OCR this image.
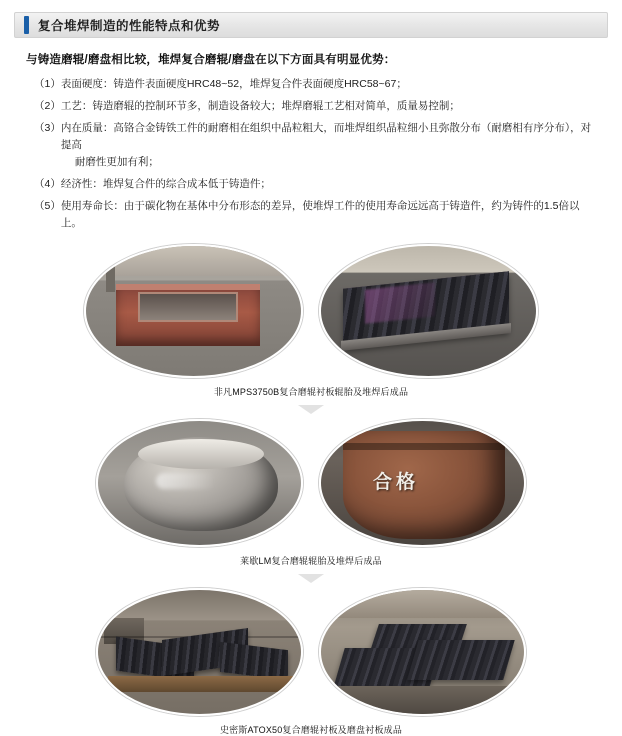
复合堆焊制造的性能特点和优势

与铸造磨辊/磨盘相比较，堆焊复合磨辊/磨盘在以下方面具有明显优势：

（1） 表面硬度：铸造件表面硬度HRC48~52，堆焊复合件表面硬度HRC58~67；
（2） 工艺：铸造磨辊的控制环节多，制造设备较大；堆焊磨辊工艺相对简单，质量易控制；
（3） 内在质量：高铬合金铸铁工件的耐磨相在组织中晶粒粗大，而堆焊组织晶粒细小且弥散分布（耐磨相有序分布），对提高
耐磨性更加有利；
（4） 经济性：堆焊复合件的综合成本低于铸造件；
（5） 使用寿命长：由于碳化物在基体中分布形态的差异，使堆焊工件的使用寿命远远高于铸造件，约为铸件的1.5倍以上。
非凡MPS3750B复合磨辊衬板辊胎及堆焊后成品
合格
莱歇LM复合磨辊辊胎及堆焊后成品
史密斯ATOX50复合磨辊衬板及磨盘衬板成品
